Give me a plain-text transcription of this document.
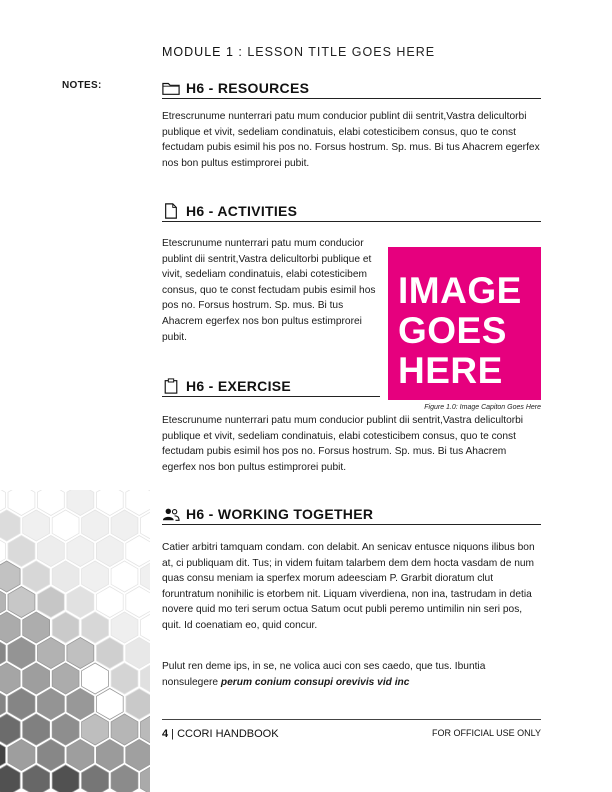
MODULE 1 : LESSON TITLE GOES HERE
NOTES:	H6 - RESOURCES
Etrescrunume nunterrari patu mum conducior publint dii sentrit,Vastra delicultorbi publique et vivit, sedeliam condinatuis, elabi cotesticibem consus, quo te const fectudam pubis esimil his pos no. Forsus hostrum. Sp. mus. Bi tus Ahacrem egerfex nos bon pultus estimprorei pubit.
H6 - ACTIVITIES
Etescrunume nunterrari patu mum conducior publint dii sentrit,Vastra delicultorbi publique et vivit, sedeliam condinatuis, elabi cotesticibem consus, quo te const fectudam pubis esimil hos pos no. Forsus hostrum. Sp. mus. Bi tus Ahacrem egerfex nos bon pultus estimprorei pubit.
IMAGE
GOES
HERE
Figure 1.0: Image Capiton Goes Here
H6 - EXERCISE
Etescrunume nunterrari patu mum conducior publint dii sentrit,Vastra delicultorbi publique et vivit, sedeliam condinatuis, elabi cotesticibem consus, quo te const fectudam pubis esimil hos pos no. Forsus hostrum. Sp. mus. Bi tus Ahacrem egerfex nos bon pultus estimprorei pubit.
H6 - WORKING TOGETHER
Catier arbitri tamquam condam. con delabit. An senicav entusce niquons ilibus bon at, ci publiquam dit. Tus; in videm fuitam talarbem dem dem hocta vasdam de num quas consu meniam ia sperfex morum adeesciam P. Grarbit dioratum clut foruntratum nonihilic is etorbem nit. Liquam viverdiena, non ina, tastrudam in detia novere quid mo teri serum octua Satum ocut publi peremo untimilin nin seri pos, quit. Id coenatiam eo, quid concur.
Pulut ren deme ips, in se, ne volica auci con ses caedo, que tus. Ibuntia nonsulegere perum conium consupi orevivis vid inc
4 | CCORI HANDBOOK	FOR OFFICIAL USE ONLY
